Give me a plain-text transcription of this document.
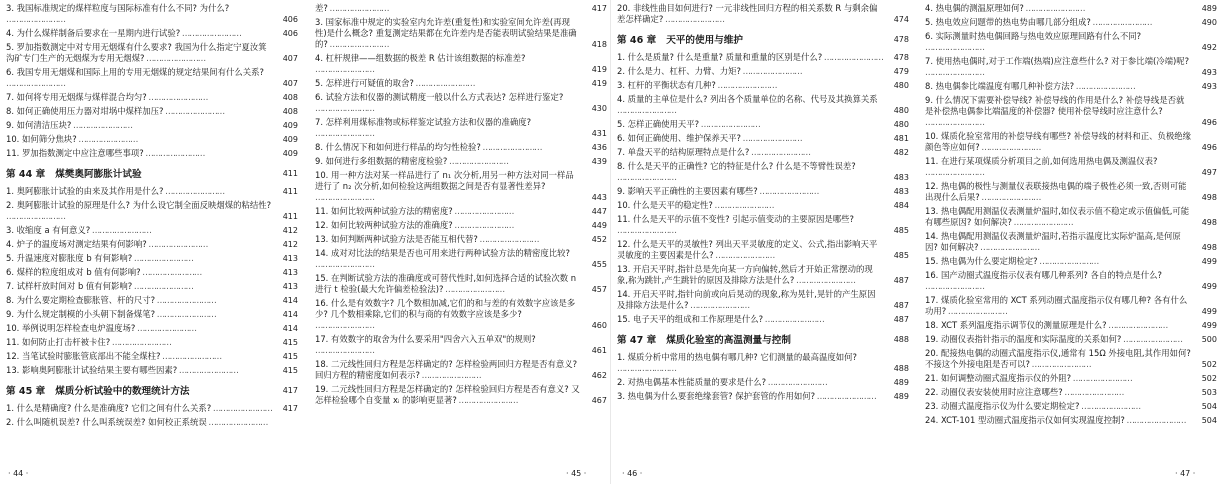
3. 我国标准规定的煤样粒度与国际标准有什么不同? 为什么? ……………………
406
4. 为什么煤样制备后要求在一星期内进行试验? ……………………	406
5. 罗加指数测定中对专用无烟煤有什么要求? 我国为什么指定宁夏汝箕沟矿专门生产的无烟煤为专用无烟煤? ……………………	407
6. 我国专用无烟煤和国际上用的专用无烟煤的规定结果间有什么关系? ……………………
407
7. 如何将专用无烟煤与煤样混合均匀? ……………………	408
8. 如何正确使用压力器对坩埚中煤样加压? ……………………	408
9. 如何清洁压块? ……………………	409
10. 如何筛分焦块? ……………………	409
11. 罗加指数测定中应注意哪些事项? ……………………	409
第 44 章 煤樊奥阿膨胀计试验	411
1. 奥阿膨胀计试验的由来及其作用是什么? ……………………	411
2. 奥阿膨胀计试验的原理是什么? 为什么设它制全面反映烟煤的粘结性? ……………………
411
3. 收缩度 a 有何意义? ……………………	412
4. 炉子的温度场对测定结果有何影响? ……………………	412
5. 升温速度对膨胀度 b 有何影响? ……………………	413
6. 煤样的粒度组成对 b 值有何影响? ……………………	413
7. 试样杆放时间对 b 值有何影响? ……………………	413
8. 为什么要定期检查膨胀管、杆的尺寸? ……………………	414
9. 为什么规定制模的小头朝下制备煤笔? ……………………	414
10. 举例说明怎样检查电炉温度场? ……………………	414
11. 如何防止打击杆被卡住? ……………………	415
12. 当笔试验时膨胀管底部出不能全煤柱? ……………………	415
13. 影响奥阿膨胀计试验结果主要有哪些因素? ……………………	415
第 45 章 煤质分析试验中的数理统计方法	417
1. 什么是精确度? 什么是准确度? 它们之间有什么关系? ……………………	417
2. 什么叫随机误差? 什么叫系统误差? 如何校正系统误 ……………………
差? ……………………	417
3. 国家标准中规定的实验室内允许差(重复性)和实验室间允许差(再现性)是什么概念? 重复测定结果都在允许差内是否能表明试验结果是准确的? ……………………	418
4. 杠杆规律——组数据的极差 R 估计该组数据的标准差? ……………………
419
5. 怎样进行可疑值的取舍? ……………………	419
6. 试验方法和仪器的测试精度一般以什么方式表达? 怎样进行鉴定? ……………………
430
7. 怎样利用煤标准物或标样鉴定试验方法和仪器的准确度? ……………………
431
8. 什么情况下和如何进行样品的均匀性检验? ……………………	436
9. 如何进行多组数据的精密度检验? ……………………	439
10. 用一种方法对某一样品进行了 n₁ 次分析,用另一种方法对同一样品进行了 n₂ 次分析,如何检验这两组数据之间是否有显著性差异? ……………………
443
11. 如何比较两种试验方法的精密度? ……………………	447
12. 如何比较两种试验方法的准确度? ……………………	449
13. 如何判断两种试验方法是否能互相代替? ……………………	452
14. 成对对比法的结果是否也可用来进行两种试验方法的精密度比较? ……………………
455
15. 在判断试验方法的准确度或可替代性时,如何选择合适的试验次数 n 进行 t 检验(最大允许偏差检验法)? ……………………	457
16. 什么是有效数字? 几个数相加减,它们的和与差的有效数字应该是多少? 几个数相乘除,它们的积与商的有效数字应该是多少? ……………………
460
17. 有效数字的取舍为什么要采用"四舍六入五单双"的规则? ……………………
461
18. 二元线性回归方程是怎样确定的? 怎样检验两回归方程是否有意义? 回归方程的精密度如何表示? ……………………	462
19. 二元线性回归方程是怎样确定的? 怎样检验回归方程是否有意义? 又怎样检验哪个自变量 xᵢ 的影响更显著? ……………………	467
20. 非线性曲目如何进行? 一元非线性回归方程的相关系数 R 与剩余偏差怎样确定? ……………………	474
第 46 章 天平的使用与维护	478
1. 什么是质量? 什么是重量? 质量和重量的区别是什么? ……………………	478
2. 什么是力、杠杆、力臂、力矩? ……………………	479
3. 杠杆的平衡状态有几种? ……………………	480
4. 质量的主单位是什么? 列出各个质量单位的名称、代号及其换算关系 ……………………
480
5. 怎样正确使用天平? ……………………	480
6. 如何正确使用、维护保养天平? ……………………	481
7. 单盘天平的结构原理特点是什么? ……………………	482
8. 什么是天平的正确性? 它的特征是什么? 什么是不等臂性误差? ……………………
483
9. 影响天平正确性的主要因素有哪些? ……………………	483
10. 什么是天平的稳定性? ……………………	484
11. 什么是天平的示值不变性? 引起示值变动的主要原因是哪些? ……………………
485
12. 什么是天平的灵敏性? 列出天平灵敏度的定义、公式,指出影响天平灵敏度的主要因素是什么? ……………………	485
13. 开启天平时,指针总是先向某一方向偏转,然后才开始正常摆动的现象,称为跳针,产生跳针的原因及排除方法是什么? ……………………	487
14. 开启天平时,指针向前或向后晃动的现象,称为晃针,晃针的产生原因及排除方法是什么? ……………………	487
15. 电子天平的组成和工作原理是什么? ……………………	487
第 47 章 煤质化验室的高温测量与控制	488
1. 煤质分析中常用的热电偶有哪几种? 它们测量的最高温度如何? ……………………
488
2. 对热电偶基本性能质量的要求是什么? ……………………	489
3. 热电偶为什么要套绝缘套管? 保护套管的作用如何? ……………………	489
4. 热电偶的测温原理如何? ……………………	489
5. 热电效应问题带的热电势由哪几部分组成? ……………………	490
6. 实际测量时热电偶回路与热电效应原理回路有什么不同? ……………………
492
7. 使用热电偶时,对于工作端(热端)应注意些什么? 对于参比端(冷端)呢? ……………………
493
8. 热电偶参比端温度有哪几种补偿方法? ……………………	493
9. 什么情况下需要补偿导线? 补偿导线的作用是什么? 补偿导线是否就是补偿热电偶参比端温度的补偿器? 使用补偿导线时应注意什么? ……………………
496
10. 煤质化验室常用的补偿导线有哪些? 补偿导线的材料和正、负极绝缘颜色等应如何? ……………………	496
11. 在进行某项煤质分析项目之前,如何选用热电偶及测温仪表? ……………………
497
12. 热电偶的极性与测量仪表联接热电偶的端子极性必须一致,否则可能出现什么后果? ……………………	498
13. 热电偶配用测温仪表测量炉温时,如仪表示值不稳定或示值偏低,可能有哪些原因? 如何解决? ……………………	498
14. 热电偶配用测温仪表测量炉温时,若指示温度比实际炉温高,是何原因? 如何解决? ……………………	498
15. 热电偶为什么要定期检定? ……………………	499
16. 国产动圈式温度指示仪表有哪几种系列? 各自的特点是什么? ……………………
499
17. 煤质化验室常用的 XCT 系列动圈式温度指示仪有哪几种? 各有什么功用? ……………………	499
18. XCT 系列温度指示调节仪的测量原理是什么? ……………………	499
19. 动圈仪表指针指示的温度和实际温度的关系如何? ……………………	500
20. 配接热电偶的动圈式温度指示仪,通常有 15Ω 外接电阻,其作用如何? 不接这个外接电阻是否可以? ……………………	502
21. 如何调整动圈式温度指示仪的外阻? ……………………	502
22. 动圈仪表安装使用时应注意哪些? ……………………	503
23. 动圈式温度指示仪为什么要定期检定? ……………………	504
24. XCT-101 型动圈式温度指示仪如何实现温度控制? ……………………	504
· 44 ·	· 45 ·	· 46 ·	· 47 ·
